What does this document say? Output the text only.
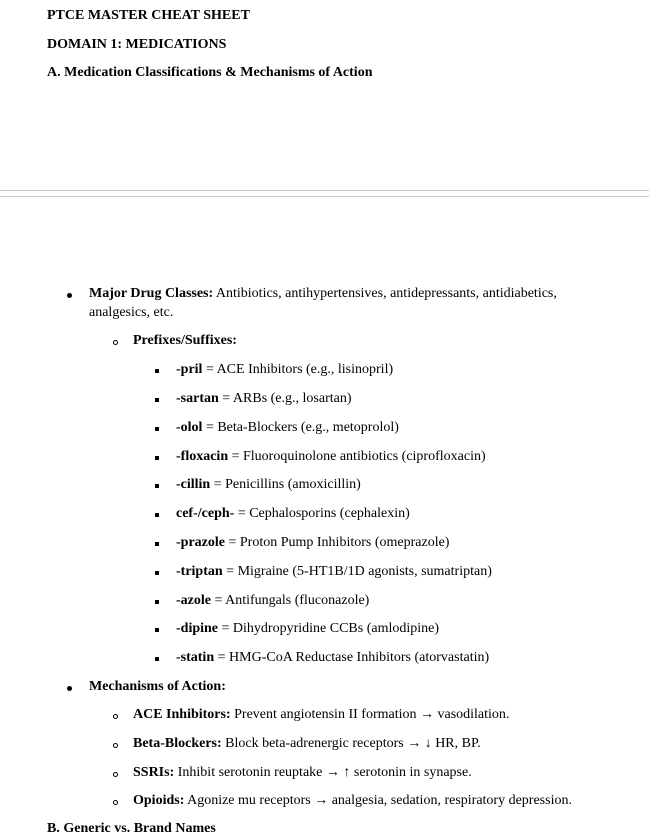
PTCE MASTER CHEAT SHEET
DOMAIN 1: MEDICATIONS
A. Medication Classifications & Mechanisms of Action
Major Drug Classes: Antibiotics, antihypertensives, antidepressants, antidiabetics,
analgesics, etc.
Prefixes/Suffixes:
-pril = ACE Inhibitors (e.g., lisinopril)
-sartan = ARBs (e.g., losartan)
-olol = Beta-Blockers (e.g., metoprolol)
-floxacin = Fluoroquinolone antibiotics (ciprofloxacin)
-cillin = Penicillins (amoxicillin)
cef-/ceph- = Cephalosporins (cephalexin)
-prazole = Proton Pump Inhibitors (omeprazole)
-triptan = Migraine (5-HT1B/1D agonists, sumatriptan)
-azole = Antifungals (fluconazole)
-dipine = Dihydropyridine CCBs (amlodipine)
-statin = HMG-CoA Reductase Inhibitors (atorvastatin)
Mechanisms of Action:
ACE Inhibitors: Prevent angiotensin II formation → vasodilation.
Beta-Blockers: Block beta-adrenergic receptors → ↓ HR, BP.
SSRIs: Inhibit serotonin reuptake → ↑ serotonin in synapse.
Opioids: Agonize mu receptors → analgesia, sedation, respiratory depression.
B. Generic vs. Brand Names
